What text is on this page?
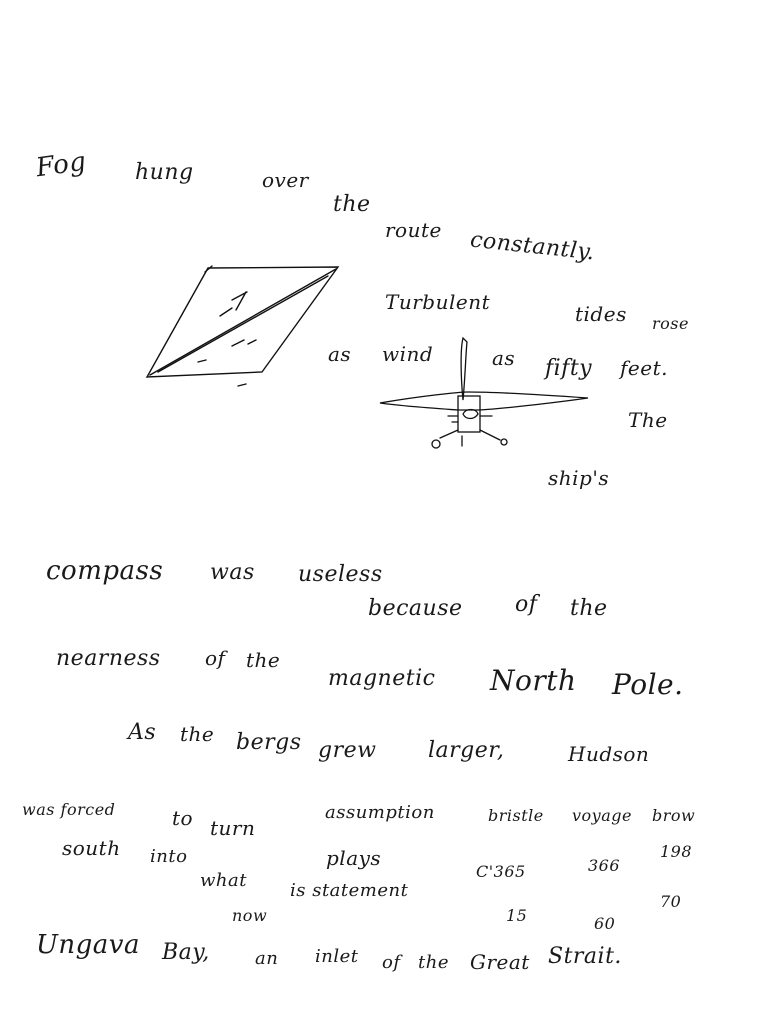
Fog hung	over
the
route constantly.
Turbulent	tides rose
as wind	as fifty feet.
The
ship's
compass was useless
because of the
nearness of the
magnetic North Pole.
As the bergs grew larger,	Hudson
was forced	to turn
assumption	bristle voyage brow
south into	plays
C'365	366
198
what is statement
now	15	60
70
Ungava Bay,	an inlet of the Great Strait.
